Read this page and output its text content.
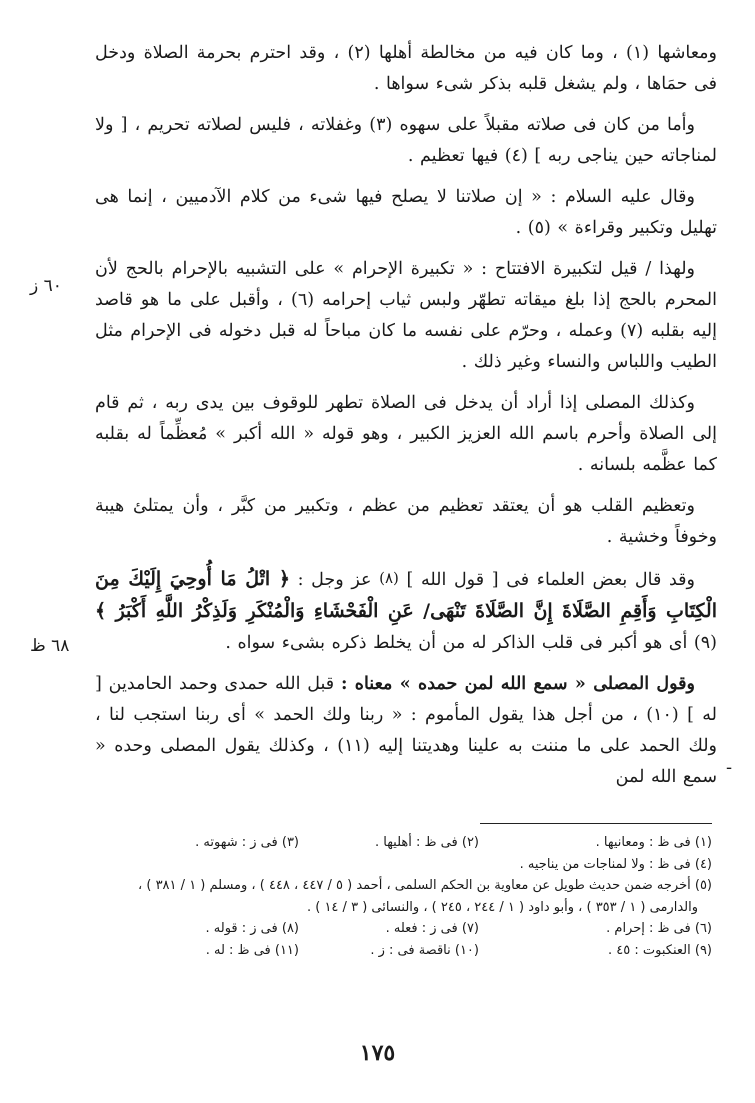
ومعاشها (١) ، وما كان فيه من مخالطة أهلها (٢) ، وقد احترم بحرمة الصلاة ودخل فى حمَاها ، ولم يشغل قلبه بذكر شىء سواها .

وأما من كان فى صلاته مقبلاً على سهوه (٣) وغفلاته ، فليس لصلاته تحريم ، [ ولا لمناجاته حين يناجى ربه ] (٤) فيها تعظيم .

وقال عليه السلام : « إن صلاتنا لا يصلح فيها شىء من كلام الآدميين ، إنما هى تهليل وتكبير وقراءة » (٥) .

ولهذا / قيل لتكبيرة الافتتاح : « تكبيرة الإحرام » على التشبيه بالإحرام بالحج لأن المحرم بالحج إذا بلغ ميقاته تطهّر ولبس ثياب إحرامه (٦) ، وأقبل على ما هو قاصد إليه بقلبه (٧) وعمله ، وحرّم على نفسه ما كان مباحاً له قبل دخوله فى الإحرام مثل الطيب واللباس والنساء وغير ذلك .

وكذلك المصلى إذا أراد أن يدخل فى الصلاة تطهر للوقوف بين يدى ربه ، ثم قام إلى الصلاة وأحرم باسم الله العزيز الكبير ، وهو قوله « الله أكبر » مُعظِّماً له بقلبه كما عظَّمه بلسانه .

وتعظيم القلب هو أن يعتقد تعظيم من عظم ، وتكبير من كبَّر ، وأن يمتلئ هيبة وخوفاً وخشية .

وقد قال بعض العلماء فى [ قول الله ] (٨) عز وجل : ﴿ اتْلُ مَا أُوحِيَ إِلَيْكَ مِنَ الْكِتَابِ وَأَقِمِ الصَّلَاةَ إِنَّ الصَّلَاةَ تَنْهَى/ عَنِ الْفَحْشَاءِ وَالْمُنْكَرِ وَلَذِكْرُ اللَّهِ أَكْبَرُ ﴾ (٩) أى هو أكبر فى قلب الذاكر له من أن يخلط ذكره بشىء سواه .

وقول المصلى « سمع الله لمن حمده » معناه : قبل الله حمدى وحمد الحامدين [ له ] (١٠) ، من أجل هذا يقول المأموم : « ربنا ولك الحمد » أى ربنا استجب لنا ، ولك الحمد على ما مننت به علينا وهديتنا إليه (١١) ، وكذلك يقول المصلى وحده « سمع الله لمن

٦٠ ز
٦٨ ظ
-
(١) فى ظ : ومعانيها .
(٢) فى ظ : أهليها .
(٣) فى ز : شهوته .
(٤) فى ظ : ولا لمناجات من يناجيه .
(٥) أخرجه ضمن حديث طويل عن معاوية بن الحكم السلمى ، أحمد ( ٥ / ٤٤٧ ، ٤٤٨ ) ، ومسلم ( ١ / ٣٨١ ) ،
والدارمى ( ١ / ٣٥٣ ) ، وأبو داود ( ١ / ٢٤٤ ، ٢٤٥ ) ، والنسائى ( ٣ / ١٤ ) .
(٦) فى ظ : إحرام .
(٧) فى ز : فعله .
(٨) فى ز : قوله .
(٩) العنكبوت : ٤٥ .
(١٠) ناقصة فى : ز .
(١١) فى ظ : له .
١٧٥
